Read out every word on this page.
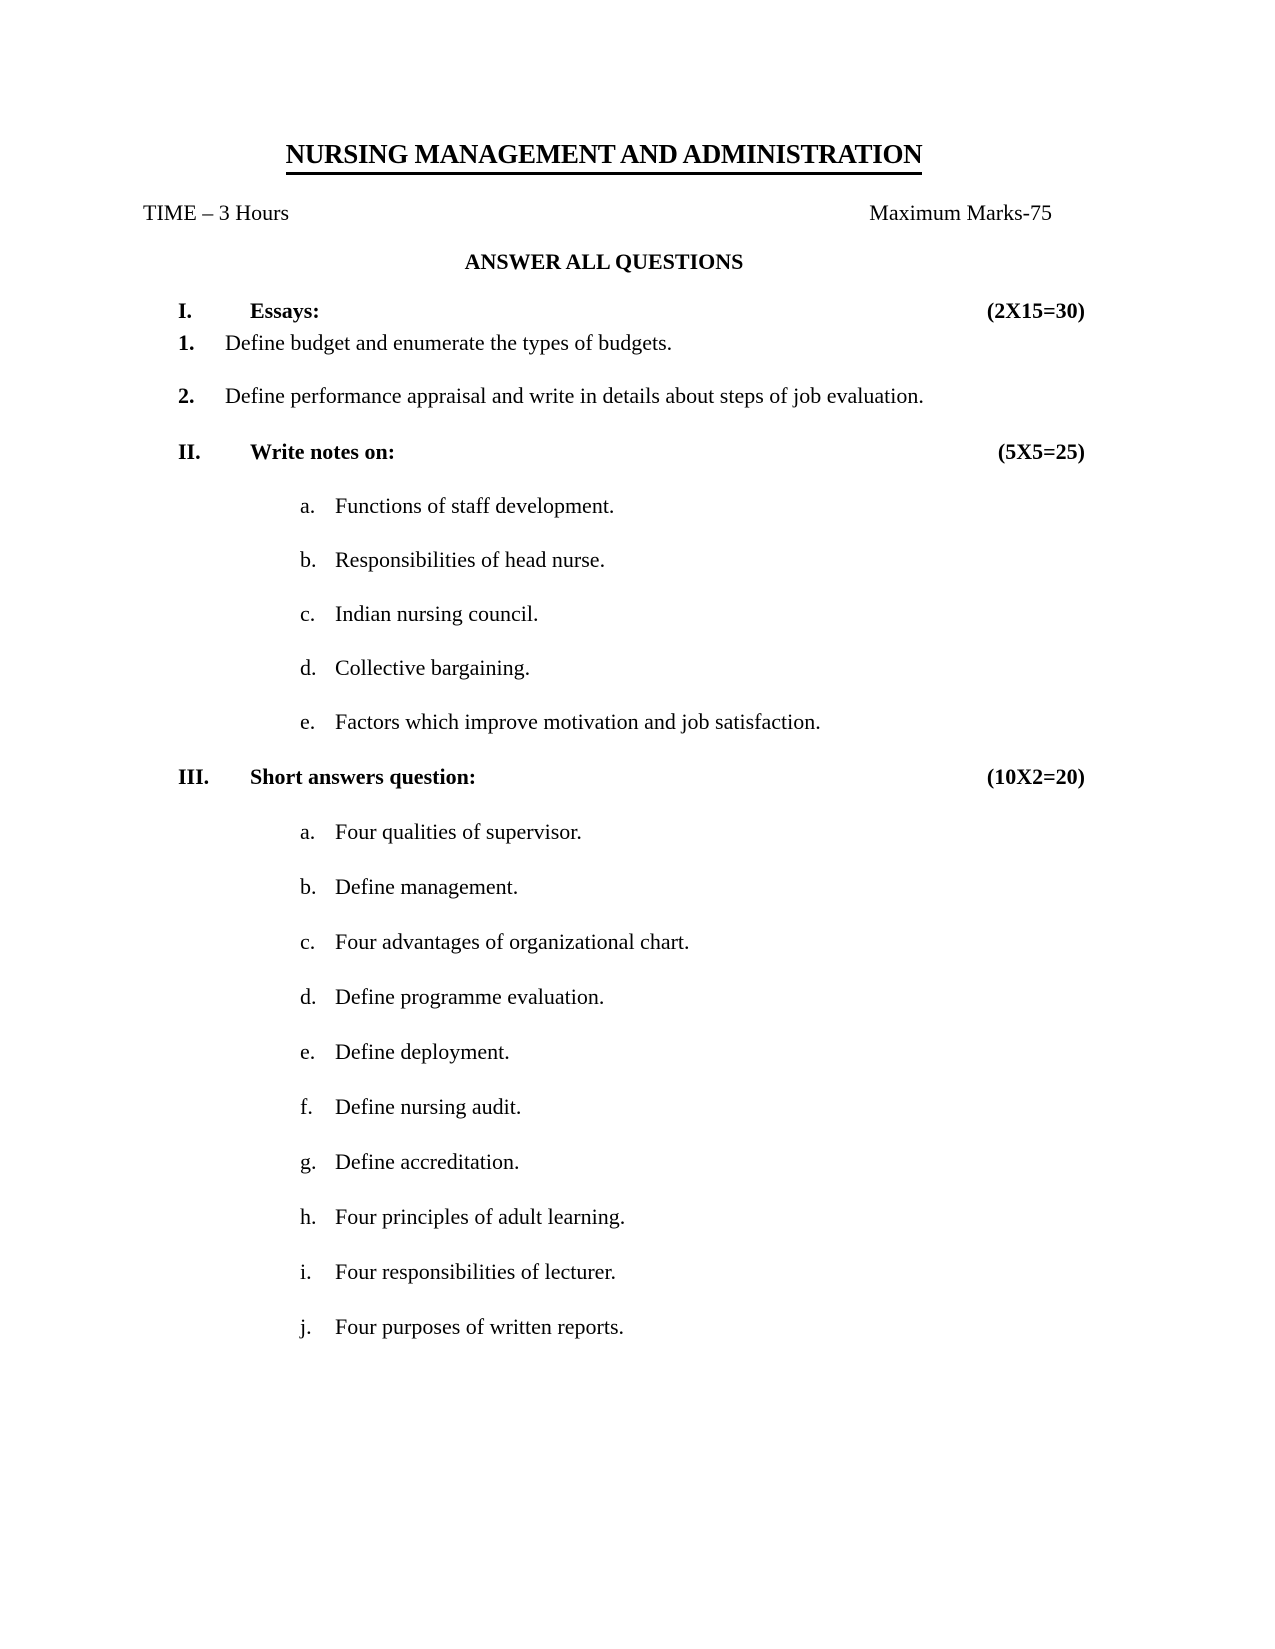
NURSING MANAGEMENT AND ADMINISTRATION
TIME – 3 Hours	Maximum Marks-75
ANSWER ALL QUESTIONS
I.	Essays:	(2X15=30)
1.	Define budget and enumerate the types of budgets.
2.	Define performance appraisal and write in details about steps of job evaluation.
II.	Write notes on:	(5X5=25)
a. Functions of staff development.
b. Responsibilities of head nurse.
c. Indian nursing council.
d. Collective bargaining.
e. Factors which improve motivation and job satisfaction.
III.	Short answers question:	(10X2=20)
a. Four qualities of supervisor.
b. Define management.
c. Four advantages of organizational chart.
d. Define programme evaluation.
e. Define deployment.
f.	Define nursing audit.
g. Define accreditation.
h. Four principles of adult learning.
i.	Four responsibilities of lecturer.
j.	Four purposes of written reports.
